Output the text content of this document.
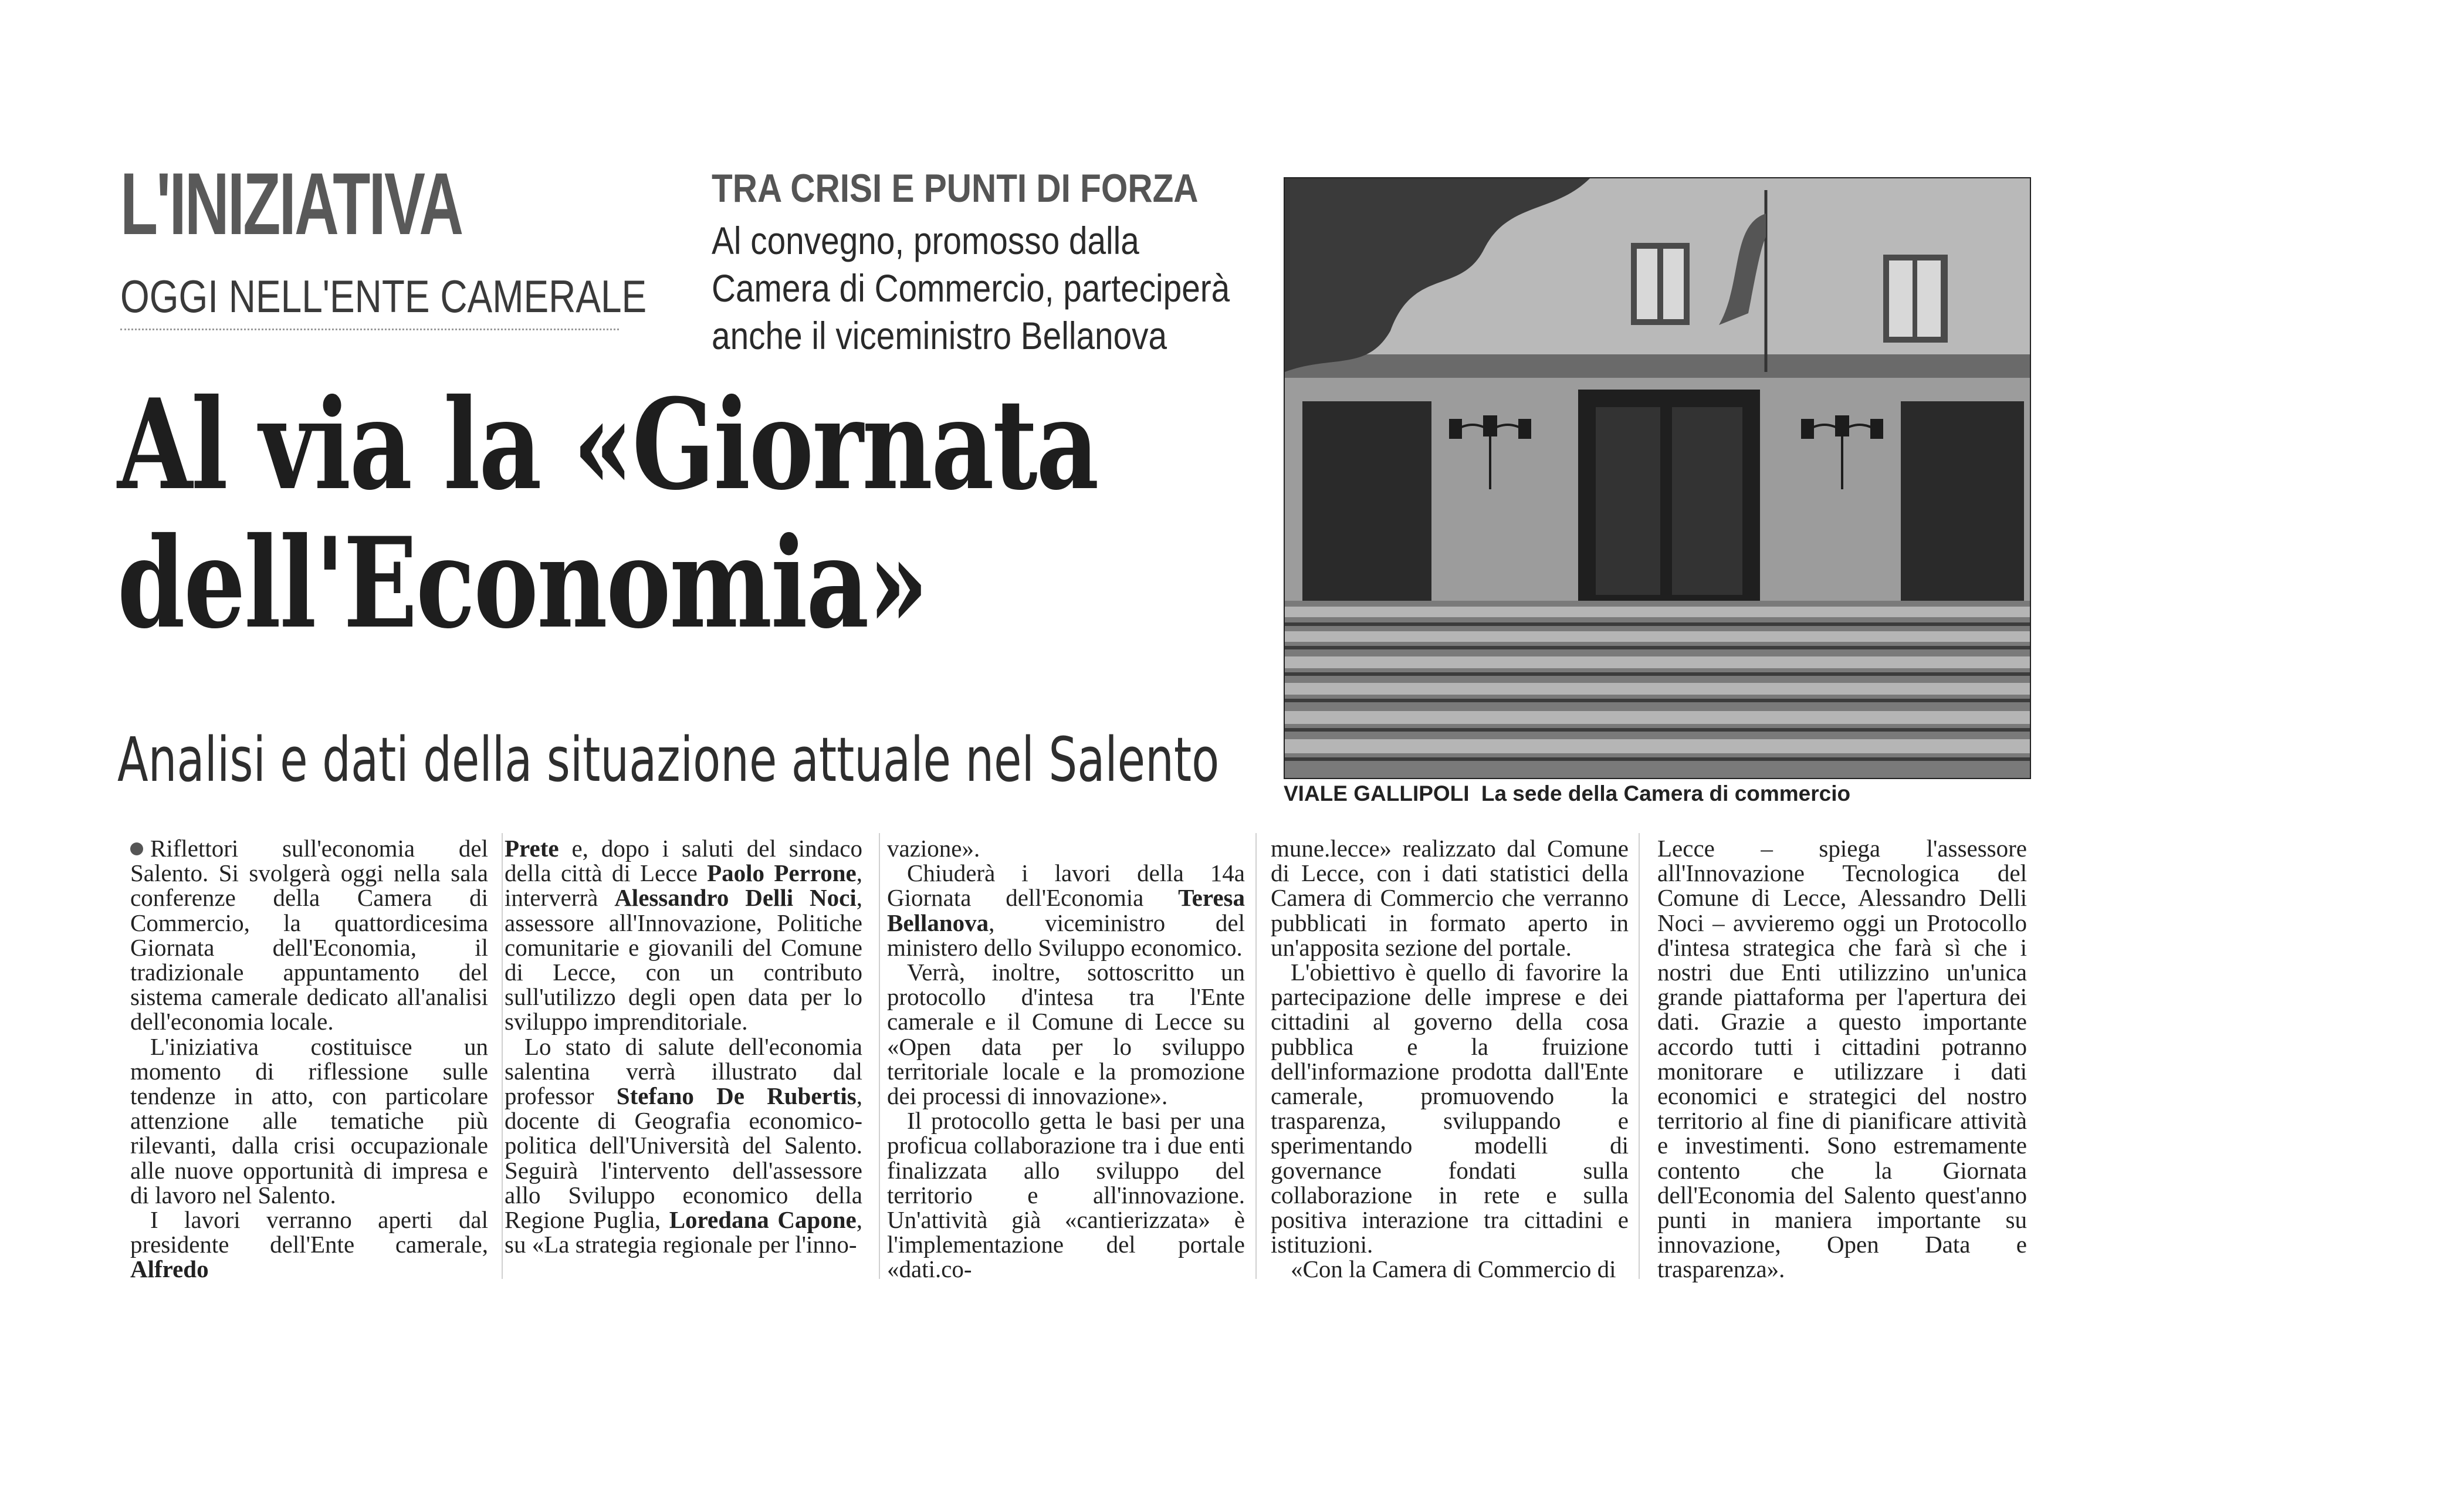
L'INIZIATIVA
OGGI NELL'ENTE CAMERALE
TRA CRISI E PUNTI DI FORZA
Al convegno, promosso dalla
Camera di Commercio, parteciperà
anche il viceministro Bellanova
Al via la «Giornata
dell'Economia»
Analisi e dati della situazione attuale nel Salento	VIALE GALLIPOLI La sede della Camera di commercio

Riflettori sull'economia del Salento. Si svolgerà oggi nella sala conferenze della Camera di Commercio, la quattordicesima Giornata dell'Economia, il tradizionale appuntamento del sistema camerale dedicato all'analisi dell'economia locale.

L'iniziativa costituisce un momento di riflessione sulle tendenze in atto, con particolare attenzione alle tematiche più rilevanti, dalla crisi occupazionale alle nuove opportunità di impresa e di lavoro nel Salento.

I lavori verranno aperti dal presidente dell'Ente camerale, Alfredo

Prete e, dopo i saluti del sindaco della città di Lecce Paolo Perrone, interverrà Alessandro Delli Noci, assessore all'Innovazione, Politiche comunitarie e giovanili del Comune di Lecce, con un contributo sull'utilizzo degli open data per lo sviluppo imprenditoriale.

Lo stato di salute dell'economia salentina verrà illustrato dal professor Stefano De Rubertis, docente di Geografia economico-politica dell'Università del Salento. Seguirà l'intervento dell'assessore allo Sviluppo economico della Regione Puglia, Loredana Capone, su «La strategia regionale per l'inno-

vazione».

Chiuderà i lavori della 14a Giornata dell'Economia Teresa Bellanova, viceministro del ministero dello Sviluppo economico.

Verrà, inoltre, sottoscritto un protocollo d'intesa tra l'Ente camerale e il Comune di Lecce su «Open data per lo sviluppo territoriale locale e la promozione dei processi di innovazione».

Il protocollo getta le basi per una proficua collaborazione tra i due enti finalizzata allo sviluppo del territorio e all'innovazione. Un'attività già «cantierizzata» è l'implementazione del portale «dati.co-

mune.lecce» realizzato dal Comune di Lecce, con i dati statistici della Camera di Commercio che verranno pubblicati in formato aperto in un'apposita sezione del portale.

L'obiettivo è quello di favorire la partecipazione delle imprese e dei cittadini al governo della cosa pubblica e la fruizione dell'informazione prodotta dall'Ente camerale, promuovendo la trasparenza, sviluppando e sperimentando modelli di governance fondati sulla collaborazione in rete e sulla positiva interazione tra cittadini e istituzioni.

«Con la Camera di Commercio di

Lecce – spiega l'assessore all'Innovazione Tecnologica del Comune di Lecce, Alessandro Delli Noci – avvieremo oggi un Protocollo d'intesa strategica che farà sì che i nostri due Enti utilizzino un'unica grande piattaforma per l'apertura dei dati. Grazie a questo importante accordo tutti i cittadini potranno monitorare e utilizzare i dati economici e strategici del nostro territorio al fine di pianificare attività e investimenti. Sono estremamente contento che la Giornata dell'Economia del Salento quest'anno punti in maniera importante su innovazione, Open Data e trasparenza».
